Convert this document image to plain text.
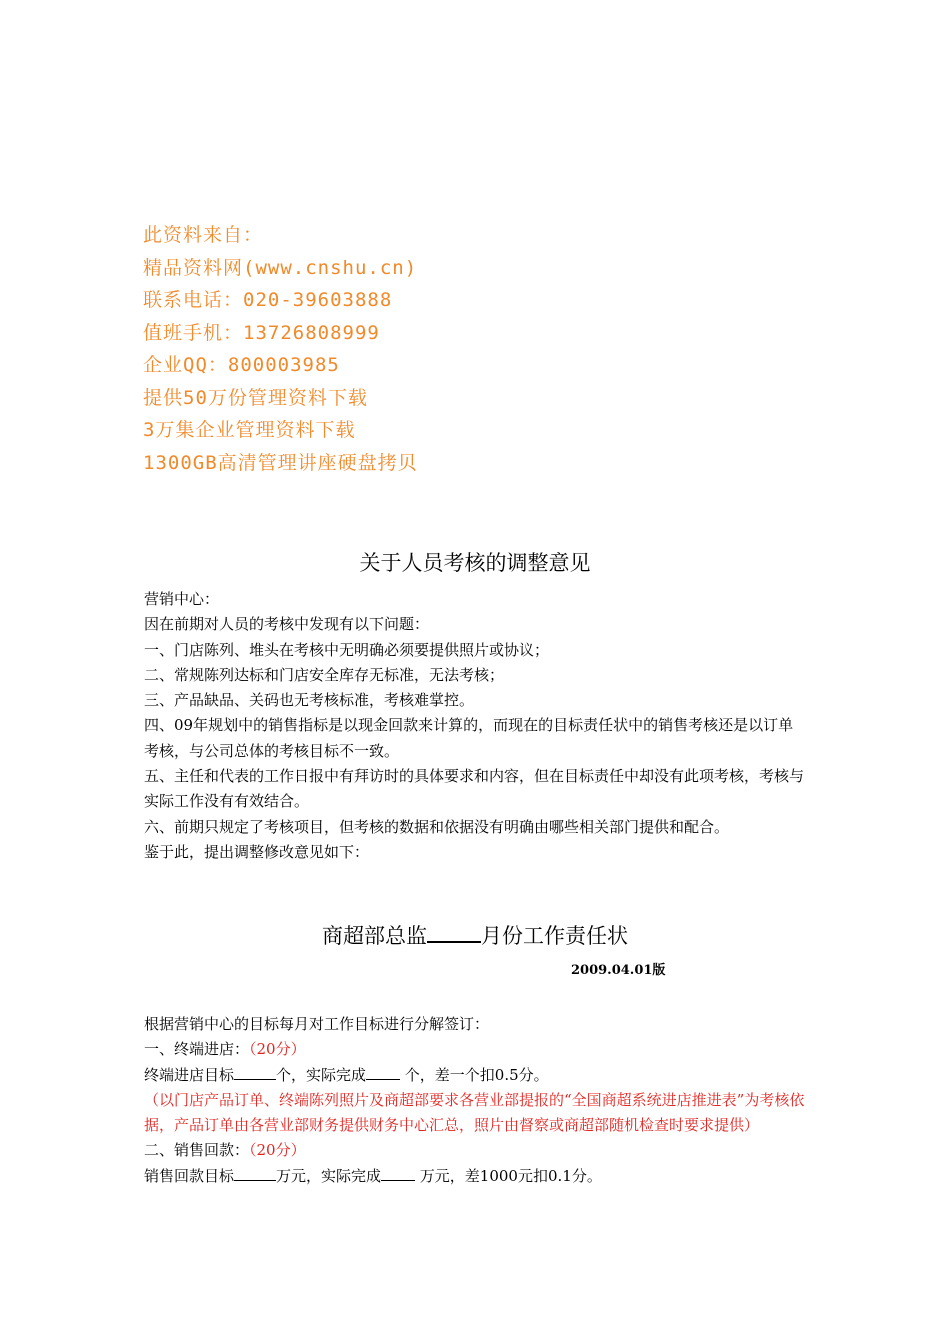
此资料来自：
精品资料网(www.cnshu.cn)
联系电话：020-39603888
值班手机：13726808999
企业QQ：800003985
提供50万份管理资料下载
3万集企业管理资料下载
1300GB高清管理讲座硬盘拷贝
关于人员考核的调整意见

营销中心：

因在前期对人员的考核中发现有以下问题：

一、门店陈列、堆头在考核中无明确必须要提供照片或协议；

二、常规陈列达标和门店安全库存无标准，无法考核；

三、产品缺品、关码也无考核标准，考核难掌控。

四、09年规划中的销售指标是以现金回款来计算的，而现在的目标责任状中的销售考核还是以订单考核，与公司总体的考核目标不一致。

五、主任和代表的工作日报中有拜访时的具体要求和内容，但在目标责任中却没有此项考核，考核与实际工作没有有效结合。

六、前期只规定了考核项目，但考核的数据和依据没有明确由哪些相关部门提供和配合。

鉴于此，提出调整修改意见如下：

商超部总监	月份工作责任状
2009.04.01版

根据营销中心的目标每月对工作目标进行分解签订：

一、终端进店：（20分）

终端进店目标	个，实际完成 个，差一个扣0.5分。

（以门店产品订单、终端陈列照片及商超部要求各营业部提报的“全国商超系统进店推进表”为考核依据，产品订单由各营业部财务提供财务中心汇总，照片由督察或商超部随机检查时要求提供）

二、销售回款：（20分）

销售回款目标	万元，实际完成 万元，差1000元扣0.1分。
